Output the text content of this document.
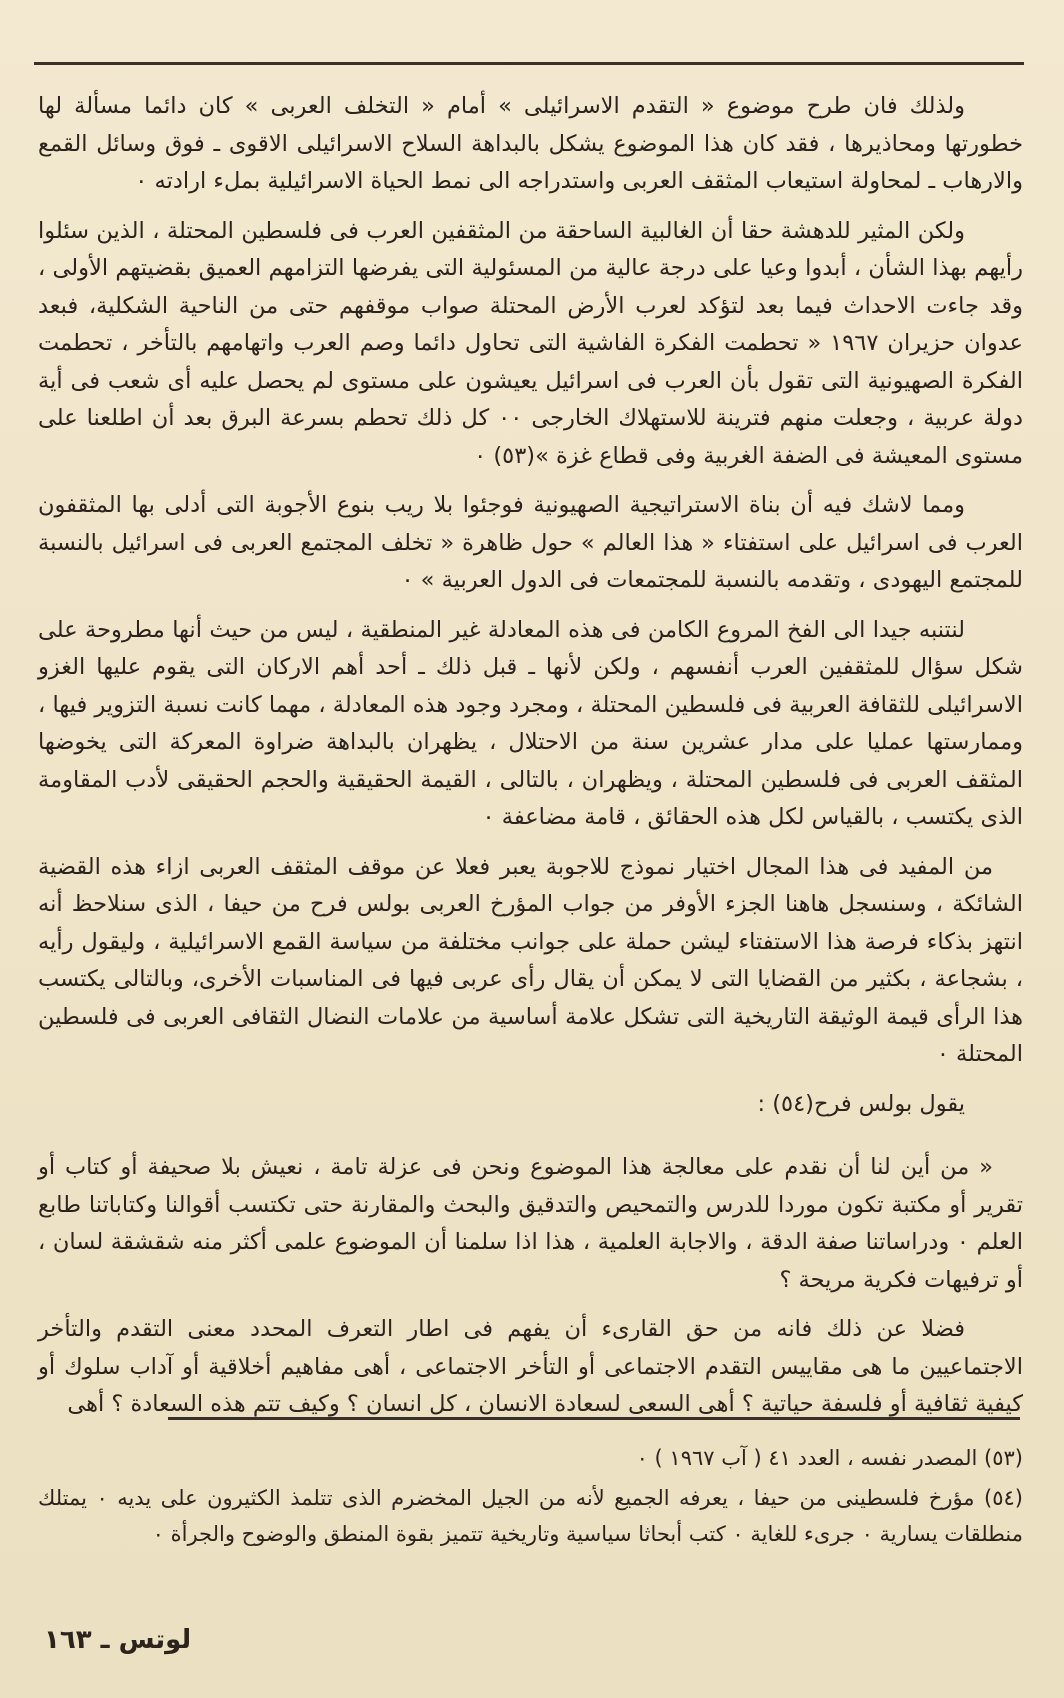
ولذلك فان طرح موضوع « التقدم الاسرائيلى » أمام « التخلف العربى » كان دائما مسألة لها خطورتها ومحاذيرها ، فقد كان هذا الموضوع يشكل بالبداهة السلاح الاسرائيلى الاقوى ـ فوق وسائل القمع والارهاب ـ لمحاولة استيعاب المثقف العربى واستدراجه الى نمط الحياة الاسرائيلية بملء ارادته ٠

ولكن المثير للدهشة حقا أن الغالبية الساحقة من المثقفين العرب فى فلسطين المحتلة ، الذين سئلوا رأيهم بهذا الشأن ، أبدوا وعيا على درجة عالية من المسئولية التى يفرضها التزامهم العميق بقضيتهم الأولى ، وقد جاءت الاحداث فيما بعد لتؤكد لعرب الأرض المحتلة صواب موقفهم حتى من الناحية الشكلية، فبعد عدوان حزيران ١٩٦٧ « تحطمت الفكرة الفاشية التى تحاول دائما وصم العرب واتهامهم بالتأخر ، تحطمت الفكرة الصهيونية التى تقول بأن العرب فى اسرائيل يعيشون على مستوى لم يحصل عليه أى شعب فى أية دولة عربية ، وجعلت منهم فترينة للاستهلاك الخارجى ٠٠ كل ذلك تحطم بسرعة البرق بعد أن اطلعنا على مستوى المعيشة فى الضفة الغربية وفى قطاع غزة »(٥٣) ٠

ومما لاشك فيه أن بناة الاستراتيجية الصهيونية فوجئوا بلا ريب بنوع الأجوبة التى أدلى بها المثقفون العرب فى اسرائيل على استفتاء « هذا العالم » حول ظاهرة « تخلف المجتمع العربى فى اسرائيل بالنسبة للمجتمع اليهودى ، وتقدمه بالنسبة للمجتمعات فى الدول العربية » ٠

لنتنبه جيدا الى الفخ المروع الكامن فى هذه المعادلة غير المنطقية ، ليس من حيث أنها مطروحة على شكل سؤال للمثقفين العرب أنفسهم ، ولكن لأنها ـ قبل ذلك ـ أحد أهم الاركان التى يقوم عليها الغزو الاسرائيلى للثقافة العربية فى فلسطين المحتلة ، ومجرد وجود هذه المعادلة ، مهما كانت نسبة التزوير فيها ، وممارستها عمليا على مدار عشرين سنة من الاحتلال ، يظهران بالبداهة ضراوة المعركة التى يخوضها المثقف العربى فى فلسطين المحتلة ، ويظهران ، بالتالى ، القيمة الحقيقية والحجم الحقيقى لأدب المقاومة الذى يكتسب ، بالقياس لكل هذه الحقائق ، قامة مضاعفة ٠

من المفيد فى هذا المجال اختيار نموذج للاجوبة يعبر فعلا عن موقف المثقف العربى ازاء هذه القضية الشائكة ، وسنسجل هاهنا الجزء الأوفر من جواب المؤرخ العربى بولس فرح من حيفا ، الذى سنلاحظ أنه انتهز بذكاء فرصة هذا الاستفتاء ليشن حملة على جوانب مختلفة من سياسة القمع الاسرائيلية ، وليقول رأيه ، بشجاعة ، بكثير من القضايا التى لا يمكن أن يقال رأى عربى فيها فى المناسبات الأخرى، وبالتالى يكتسب هذا الرأى قيمة الوثيقة التاريخية التى تشكل علامة أساسية من علامات النضال الثقافى العربى فى فلسطين المحتلة ٠

يقول بولس فرح(٥٤) :

« من أين لنا أن نقدم على معالجة هذا الموضوع ونحن فى عزلة تامة ، نعيش بلا صحيفة أو كتاب أو تقرير أو مكتبة تكون موردا للدرس والتمحيص والتدقيق والبحث والمقارنة حتى تكتسب أقوالنا وكتاباتنا طابع العلم ٠ ودراساتنا صفة الدقة ، والاجابة العلمية ، هذا اذا سلمنا أن الموضوع علمى أكثر منه شقشقة لسان ، أو ترفيهات فكرية مريحة ؟

فضلا عن ذلك فانه من حق القارىء أن يفهم فى اطار التعرف المحدد معنى التقدم والتأخر الاجتماعيين ما هى مقاييس التقدم الاجتماعى أو التأخر الاجتماعى ، أهى مفاهيم أخلاقية أو آداب سلوك أو كيفية ثقافية أو فلسفة حياتية ؟ أهى السعى لسعادة الانسان ، كل انسان ؟ وكيف تتم هذه السعادة ؟ أهى

(٥٣) المصدر نفسه ، العدد ٤١ ( آب ١٩٦٧ ) ٠

(٥٤) مؤرخ فلسطينى من حيفا ، يعرفه الجميع لأنه من الجيل المخضرم الذى تتلمذ الكثيرون على يديه ٠ يمتلك منطلقات يسارية ٠ جرىء للغاية ٠ كتب أبحاثا سياسية وتاريخية تتميز بقوة المنطق والوضوح والجرأة ٠

لوتس ـ ١٦٣
